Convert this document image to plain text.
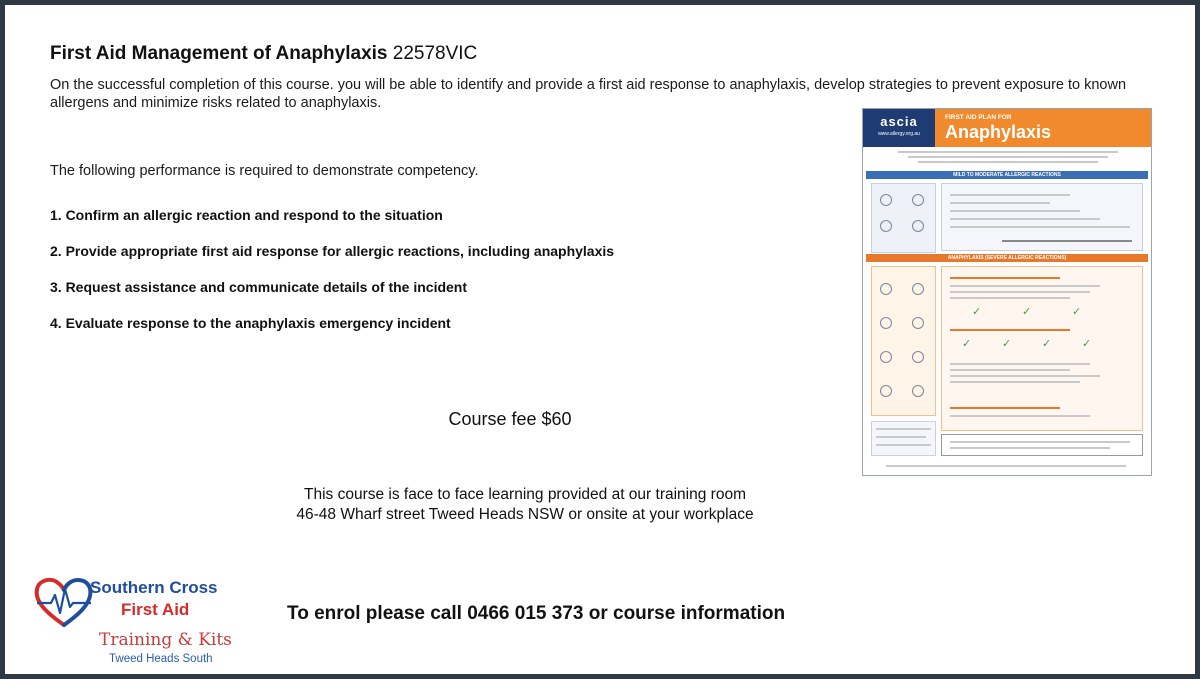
First Aid Management of Anaphylaxis 22578VIC
On the successful completion of this course. you will be able to identify and provide a first aid response to anaphylaxis, develop strategies to prevent exposure to known allergens and minimize risks related to anaphylaxis.
The following performance is required to demonstrate competency.
1. Confirm an allergic reaction and respond to the situation
2. Provide appropriate first aid response for allergic reactions, including anaphylaxis
3. Request assistance and communicate details of the incident
4. Evaluate response to the anaphylaxis emergency incident
Course fee $60
This course is face to face learning provided at our training room
46-48 Wharf street Tweed Heads NSW or onsite at your workplace
To enrol please call 0466 015 373 or course information
Southern Cross
First Aid
Training & Kits
Tweed Heads South
ascia
www.allergy.org.au
FIRST AID PLAN FOR
Anaphylaxis
MILD TO MODERATE ALLERGIC REACTIONS
ANAPHYLAXIS (SEVERE ALLERGIC REACTIONS)
✓	✓	✓
✓	✓	✓	✓
